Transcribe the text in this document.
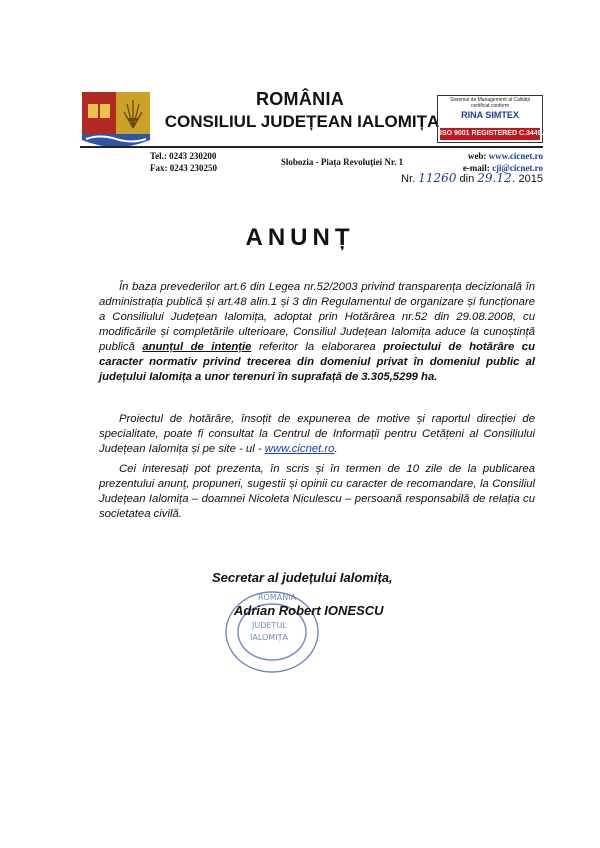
ROMÂNIA
CONSILIUL JUDEȚEAN IALOMIȚA
Sistemul de Management al Calității
certificat conform
RINA SIMTEX
ISO 9001 REGISTERED C.3449.1
Tel.: 0243 230200
Fax: 0243 230250
Slobozia - Piața Revoluției Nr. 1
web: www.cicnet.ro
e-mail: cji@cicnet.ro
Nr. 11260 din 29.12. 2015
ANUNȚ
În baza prevederilor art.6 din Legea nr.52/2003 privind transparența decizională în administrația publică și art.48 alin.1 și 3 din Regulamentul de organizare și funcționare a Consiliului Județean Ialomița, adoptat prin Hotărârea nr.52 din 29.08.2008, cu modificările și completările ulterioare, Consiliul Județean Ialomița aduce la cunoștință publică anunțul de intenție referitor la elaborarea proiectului de hotărâre cu caracter normativ privind trecerea din domeniul privat în domeniul public al județului Ialomița a unor terenuri în suprafață de 3.305,5299 ha.
Proiectul de hotărâre, însoțit de expunerea de motive și raportul direcției de specialitate, poate fi consultat la Centrul de Informații pentru Cetățeni al Consiliului Județean Ialomița și pe site - ul - www.cicnet.ro.
Cei interesați pot prezenta, în scris și în termen de 10 zile de la publicarea prezentului anunț, propuneri, sugestii și opinii cu caracter de recomandare, la Consiliul Județean Ialomița – doamnei Nicoleta Niculescu – persoană responsabilă de relația cu societatea civilă.
ROMANIA
JUDEȚUL
IALOMIȚA
Secretar al județului Ialomița,
Adrian Robert IONESCU
